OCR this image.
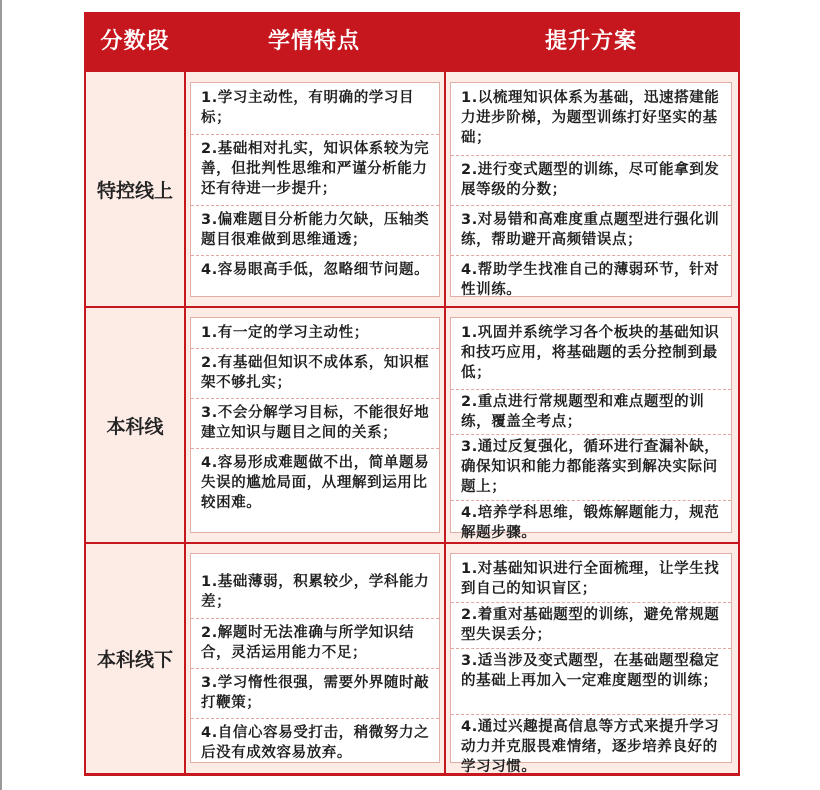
分数段	学情特点	提升方案
特控线上
1.学习主动性，有明确的学习目标；
2.基础相对扎实，知识体系较为完善，但批判性思维和严谨分析能力还有待进一步提升；
3.偏难题目分析能力欠缺，压轴类题目很难做到思维通透；
4.容易眼高手低，忽略细节问题。
1.以梳理知识体系为基础，迅速搭建能力进步阶梯，为题型训练打好坚实的基础；
2.进行变式题型的训练，尽可能拿到发展等级的分数；
3.对易错和高难度重点题型进行强化训练，帮助避开高频错误点；
4.帮助学生找准自己的薄弱环节，针对性训练。
本科线
1.有一定的学习主动性；
2.有基础但知识不成体系，知识框架不够扎实；
3.不会分解学习目标，不能很好地建立知识与题目之间的关系；
4.容易形成难题做不出，简单题易失误的尴尬局面，从理解到运用比较困难。
1.巩固并系统学习各个板块的基础知识和技巧应用，将基础题的丢分控制到最低；
2.重点进行常规题型和难点题型的训练，覆盖全考点；
3.通过反复强化，循环进行查漏补缺，确保知识和能力都能落实到解决实际问题上；
4.培养学科思维，锻炼解题能力，规范解题步骤。
本科线下
1.基础薄弱，积累较少，学科能力差；
2.解题时无法准确与所学知识结合，灵活运用能力不足；
3.学习惰性很强，需要外界随时敲打鞭策；
4.自信心容易受打击，稍微努力之后没有成效容易放弃。
1.对基础知识进行全面梳理，让学生找到自己的知识盲区；
2.着重对基础题型的训练，避免常规题型失误丢分；
3.适当涉及变式题型，在基础题型稳定的基础上再加入一定难度题型的训练；
4.通过兴趣提高信息等方式来提升学习动力并克服畏难情绪，逐步培养良好的学习习惯。
